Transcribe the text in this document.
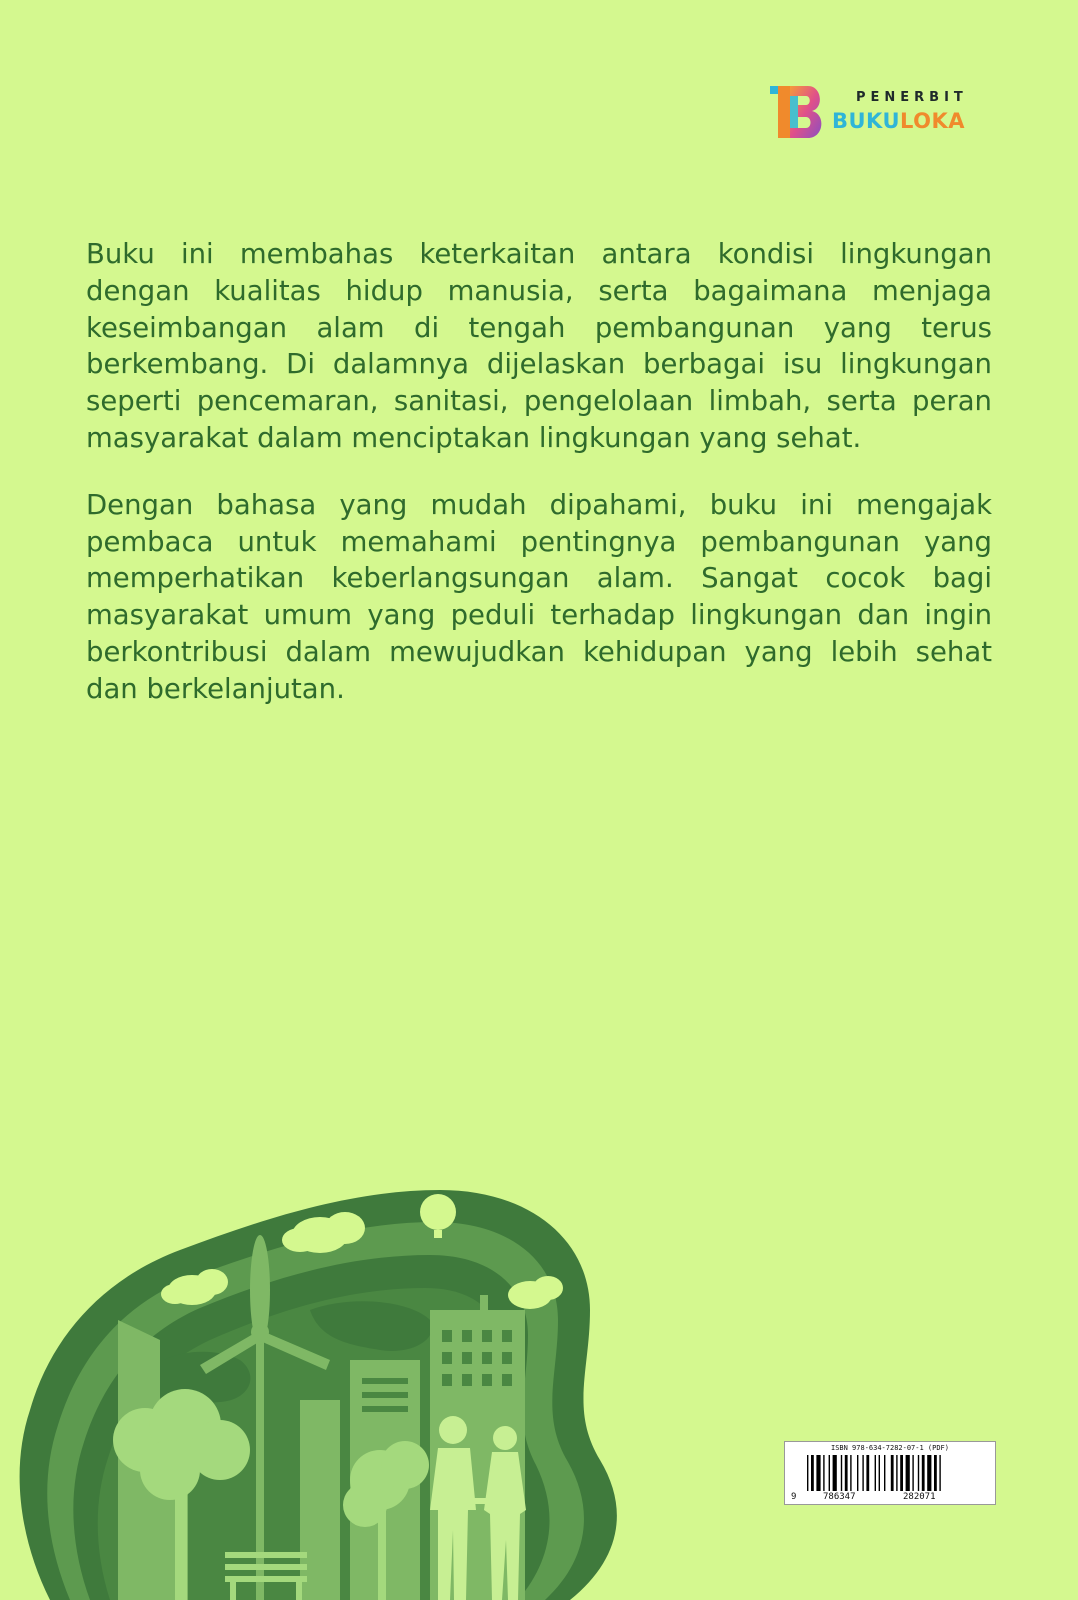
PENERBIT
BUKULOKA

Buku ini membahas keterkaitan antara kondisi lingkungan dengan kualitas hidup manusia, serta bagaimana menjaga keseimbangan alam di tengah pembangunan yang terus berkembang. Di dalamnya dijelaskan berbagai isu lingkungan seperti pencemaran, sanitasi, pengelolaan limbah, serta peran masyarakat dalam menciptakan lingkungan yang sehat.

Dengan bahasa yang mudah dipahami, buku ini mengajak pembaca untuk memahami pentingnya pembangunan yang memperhatikan keberlangsungan alam. Sangat cocok bagi masyarakat umum yang peduli terhadap lingkungan dan ingin berkontribusi dalam mewujudkan kehidupan yang lebih sehat dan berkelanjutan.

ISBN 978-634-7282-07-1 (PDF)
9	786347	282071
